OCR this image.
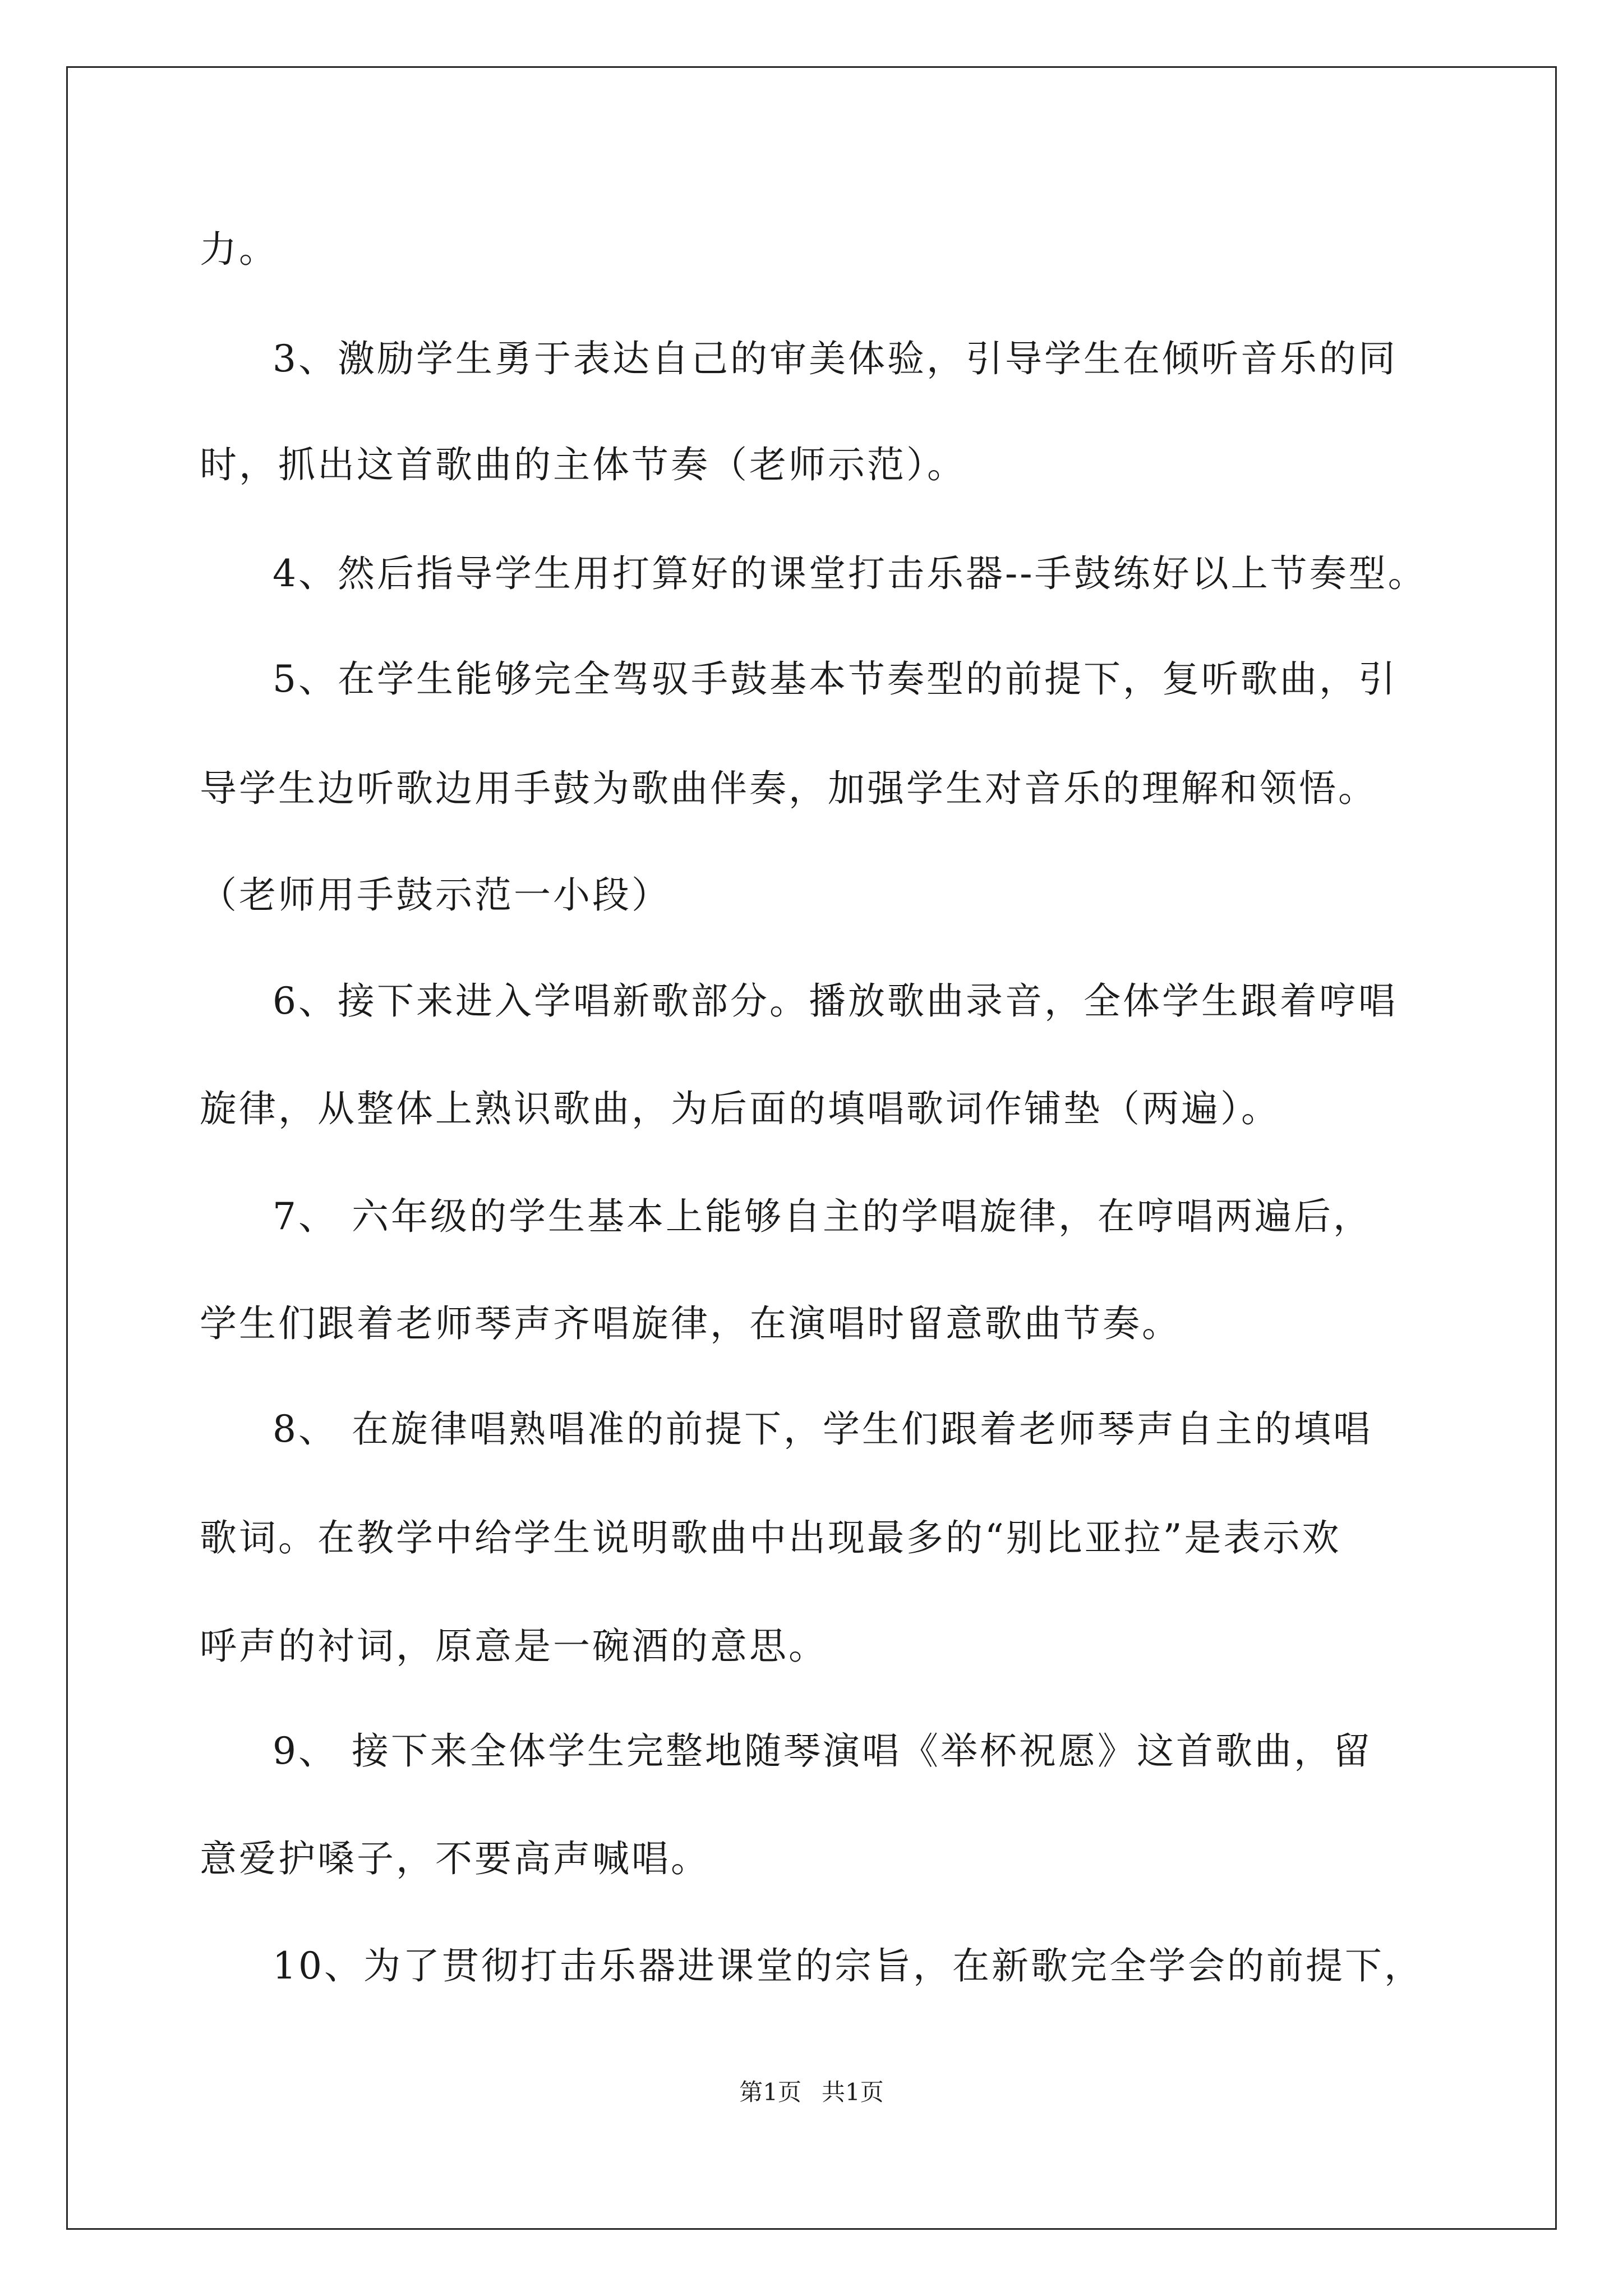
力。
3、激励学生勇于表达自己的审美体验，引导学生在倾听音乐的同
时，抓出这首歌曲的主体节奏（老师示范）。
4、然后指导学生用打算好的课堂打击乐器--手鼓练好以上节奏型。
5、在学生能够完全驾驭手鼓基本节奏型的前提下，复听歌曲，引
导学生边听歌边用手鼓为歌曲伴奏，加强学生对音乐的理解和领悟。
（老师用手鼓示范一小段）
6、接下来进入学唱新歌部分。播放歌曲录音，全体学生跟着哼唱
旋律，从整体上熟识歌曲，为后面的填唱歌词作铺垫（两遍）。
7、 六年级的学生基本上能够自主的学唱旋律，在哼唱两遍后，
学生们跟着老师琴声齐唱旋律，在演唱时留意歌曲节奏。
8、 在旋律唱熟唱准的前提下，学生们跟着老师琴声自主的填唱
歌词。在教学中给学生说明歌曲中出现最多的“别比亚拉”是表示欢
呼声的衬词，原意是一碗酒的意思。
9、 接下来全体学生完整地随琴演唱《举杯祝愿》这首歌曲，留
意爱护嗓子，不要高声喊唱。
10、为了贯彻打击乐器进课堂的宗旨，在新歌完全学会的前提下，
第1页 共1页
